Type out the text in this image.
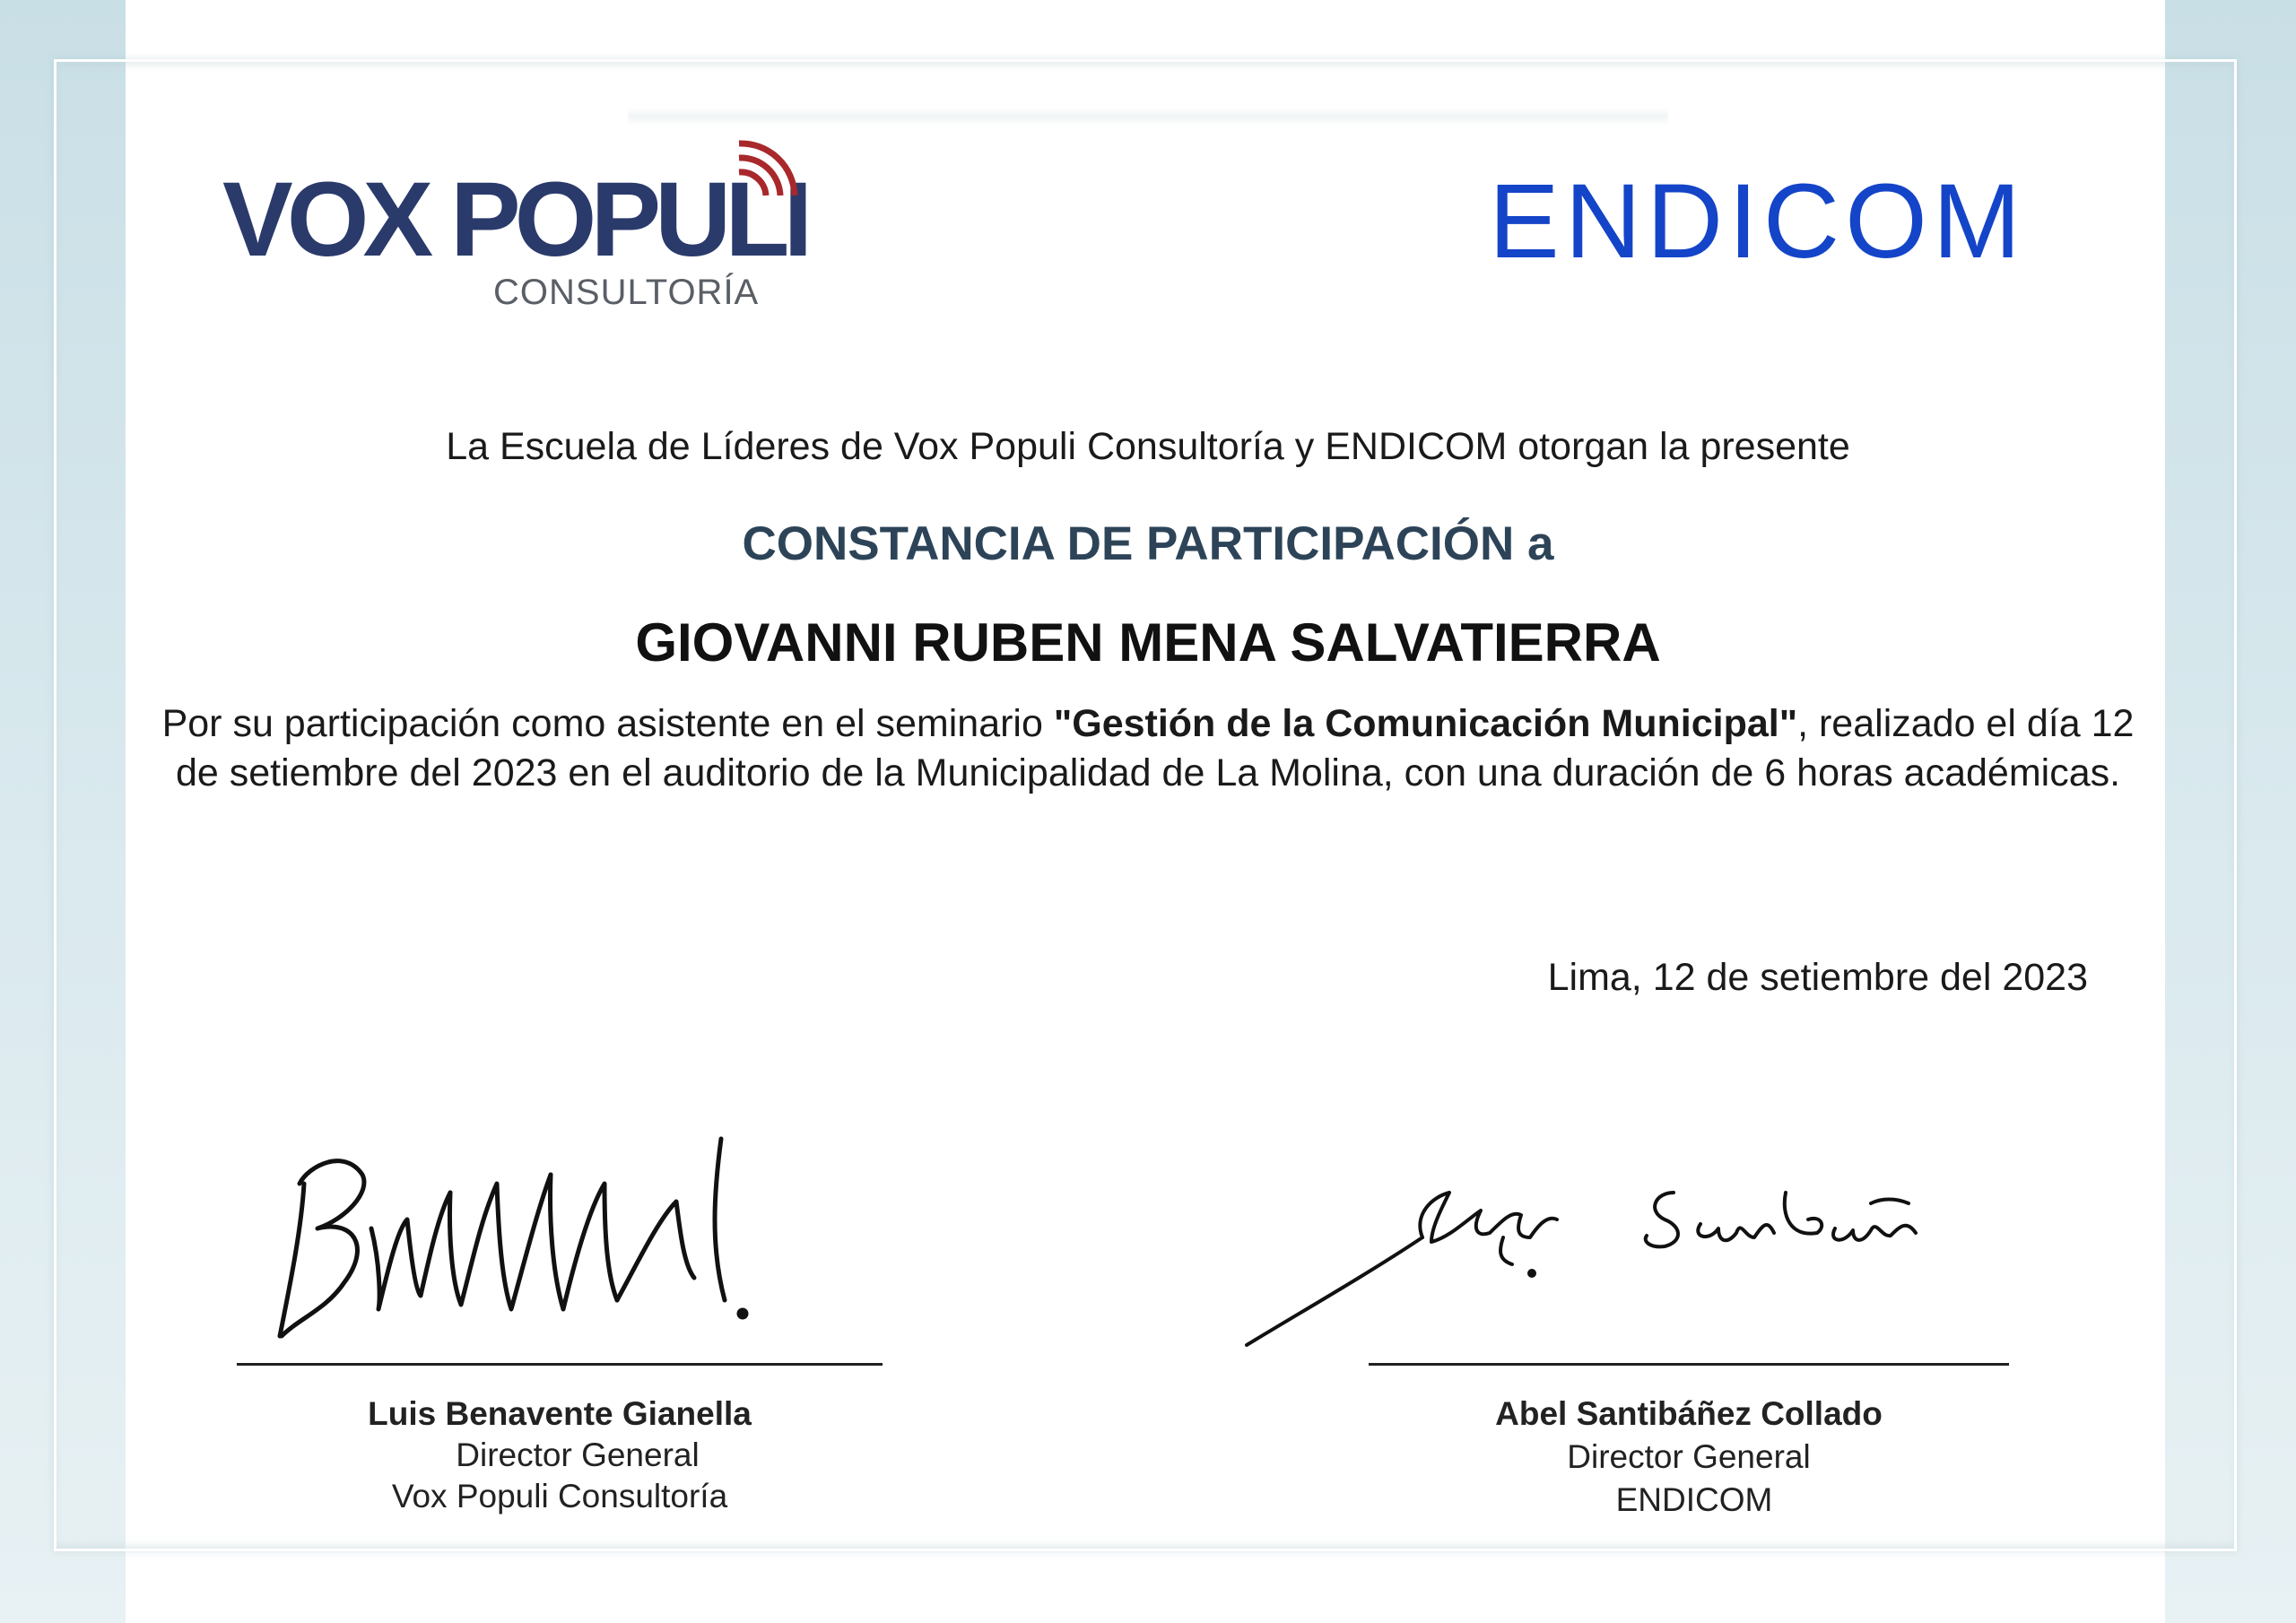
VOX POPULI
CONSULTORÍA
ENDICOM
La Escuela de Líderes de Vox Populi Consultoría y ENDICOM otorgan la presente
CONSTANCIA DE PARTICIPACIÓN a
GIOVANNI RUBEN MENA SALVATIERRA
Por su participación como asistente en el seminario "Gestión de la Comunicación Municipal", realizado el día 12 de setiembre del 2023 en el auditorio de la Municipalidad de La Molina, con una duración de 6 horas académicas.
Lima, 12 de setiembre del 2023
Luis Benavente Gianella
Director General
Vox Populi Consultoría
Abel Santibáñez Collado
Director General
ENDICOM
